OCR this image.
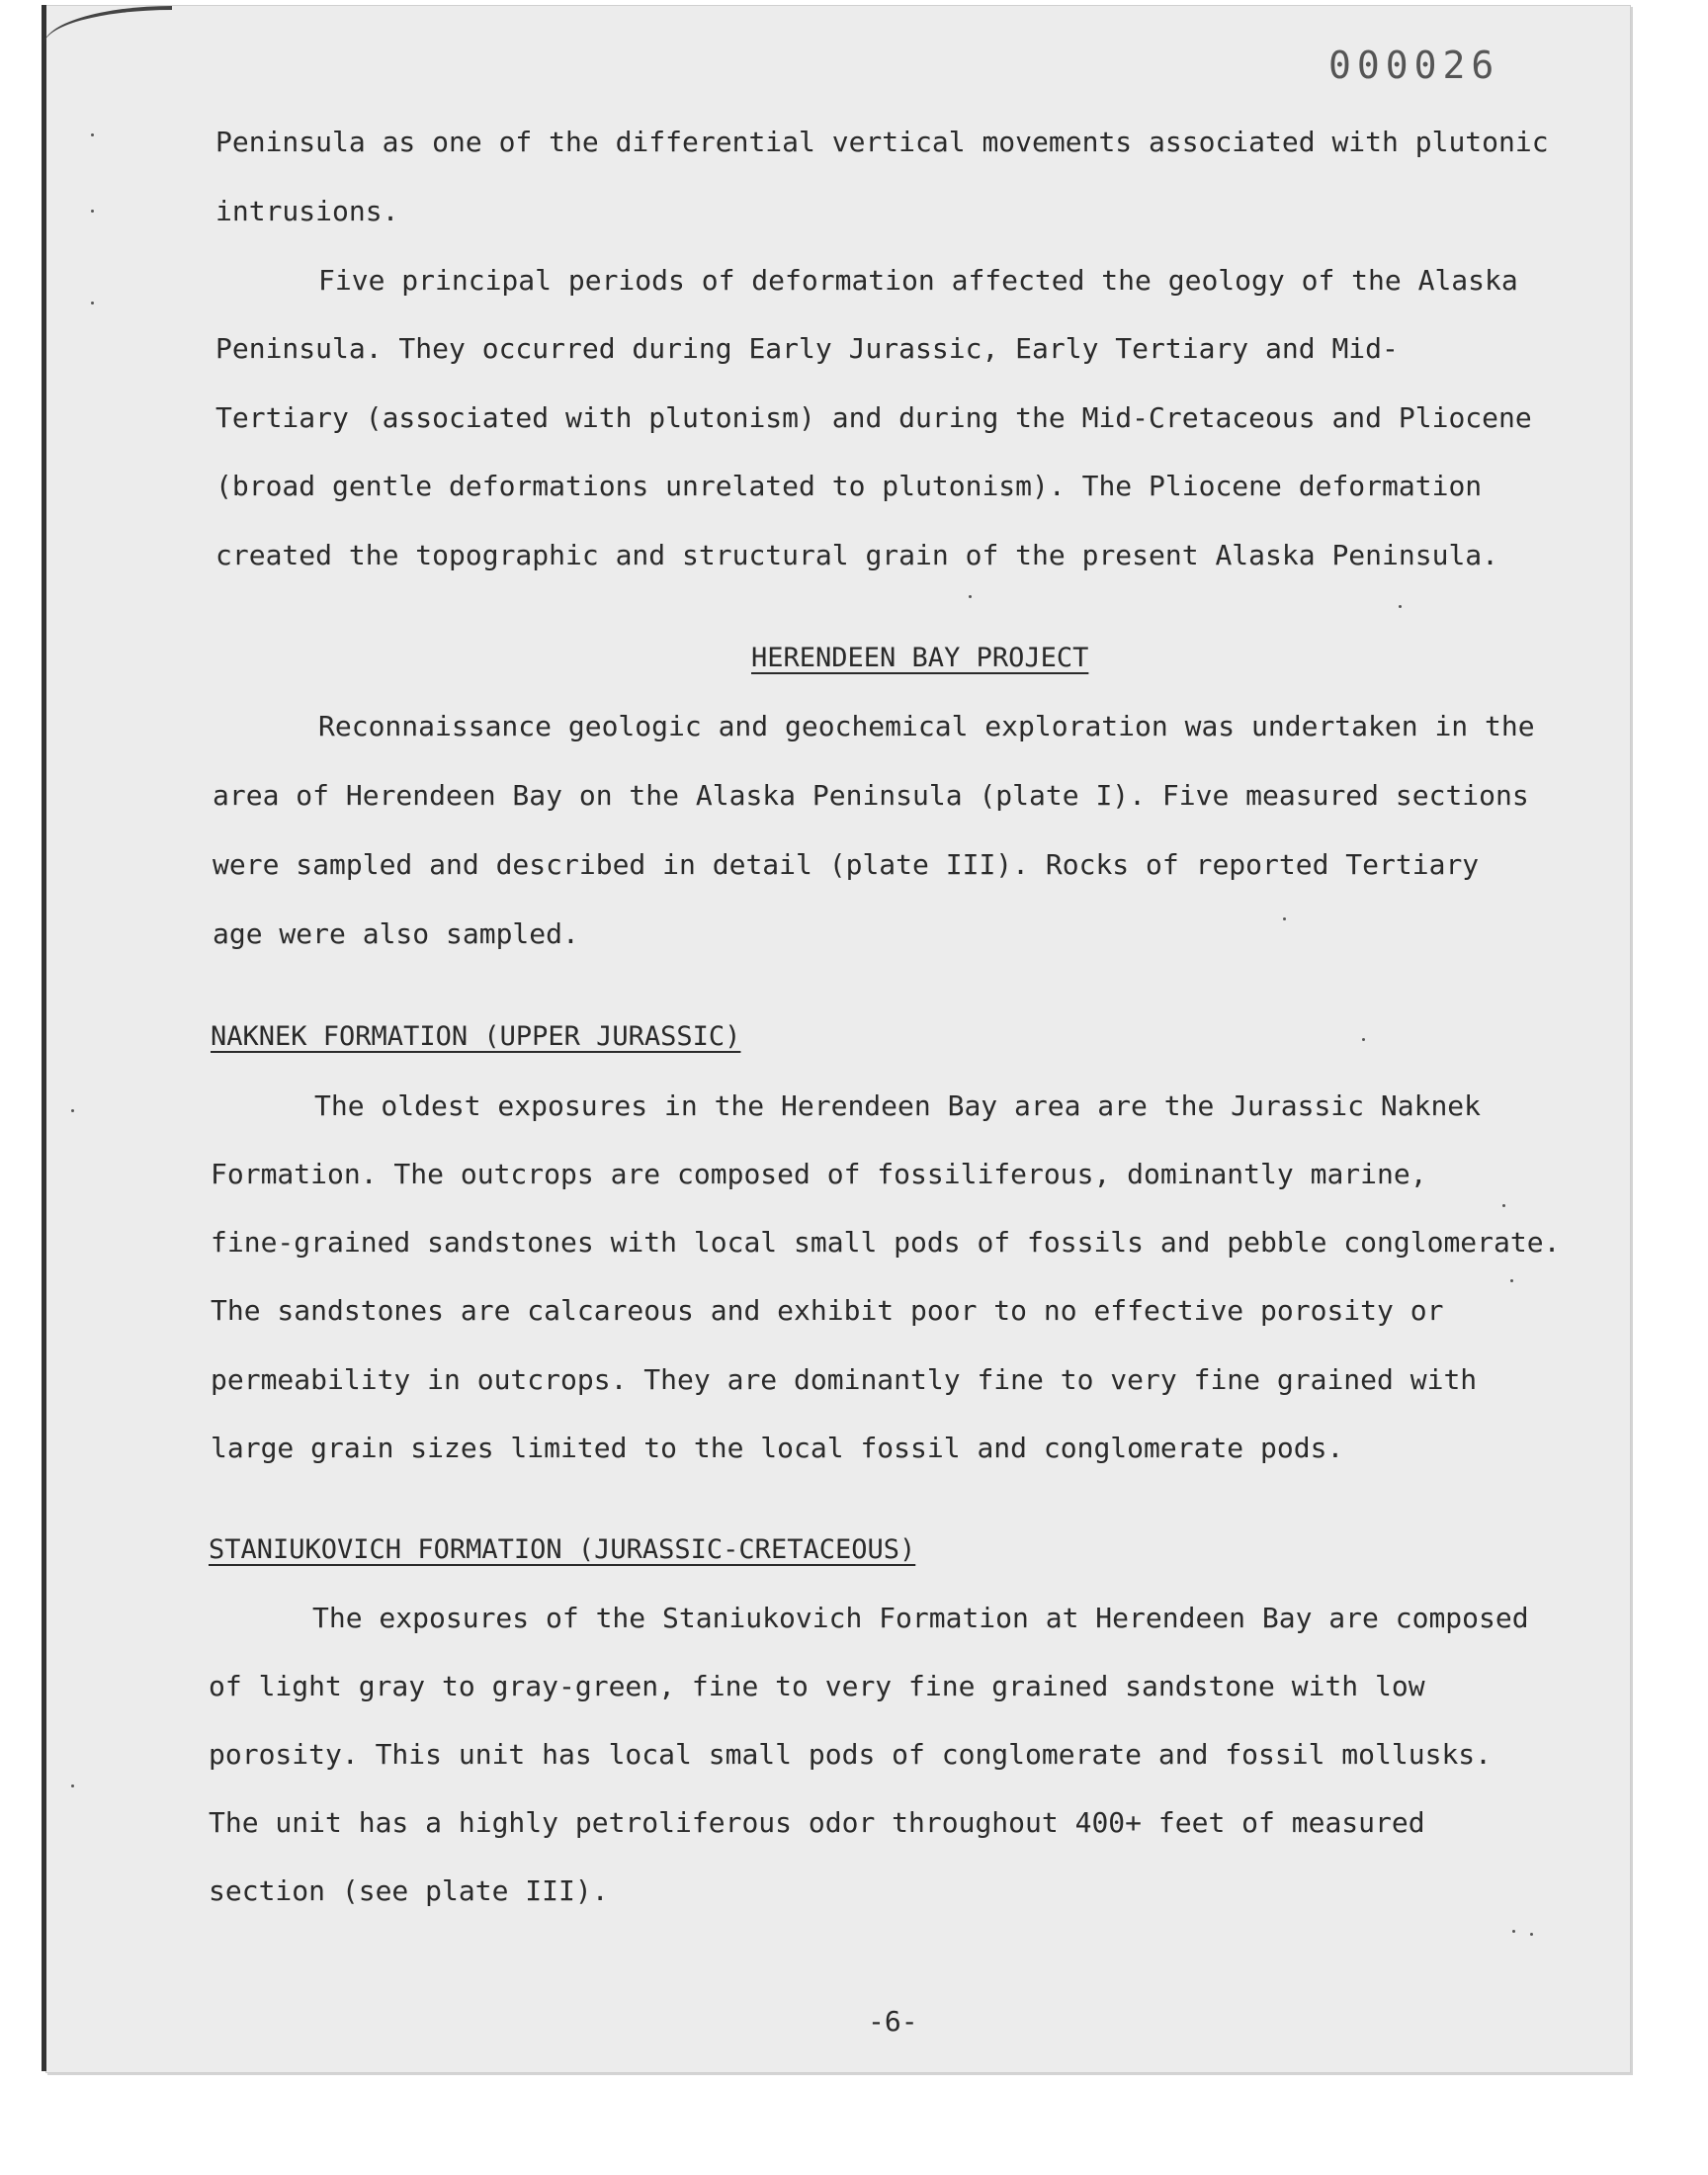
000026
Peninsula as one of the differential vertical movements associated with plutonic
intrusions.
Five principal periods of deformation affected the geology of the Alaska
Peninsula. They occurred during Early Jurassic, Early Tertiary and Mid-
Tertiary (associated with plutonism) and during the Mid-Cretaceous and Pliocene
(broad gentle deformations unrelated to plutonism). The Pliocene deformation
created the topographic and structural grain of the present Alaska Peninsula.
HERENDEEN BAY PROJECT
Reconnaissance geologic and geochemical exploration was undertaken in the
area of Herendeen Bay on the Alaska Peninsula (plate I). Five measured sections
were sampled and described in detail (plate III). Rocks of reported Tertiary
age were also sampled.
NAKNEK FORMATION (UPPER JURASSIC)
The oldest exposures in the Herendeen Bay area are the Jurassic Naknek
Formation. The outcrops are composed of fossiliferous, dominantly marine,
fine-grained sandstones with local small pods of fossils and pebble conglomerate.
The sandstones are calcareous and exhibit poor to no effective porosity or
permeability in outcrops. They are dominantly fine to very fine grained with
large grain sizes limited to the local fossil and conglomerate pods.
STANIUKOVICH FORMATION (JURASSIC-CRETACEOUS)
The exposures of the Staniukovich Formation at Herendeen Bay are composed
of light gray to gray-green, fine to very fine grained sandstone with low
porosity. This unit has local small pods of conglomerate and fossil mollusks.
The unit has a highly petroliferous odor throughout 400+ feet of measured
section (see plate III).
-6-
